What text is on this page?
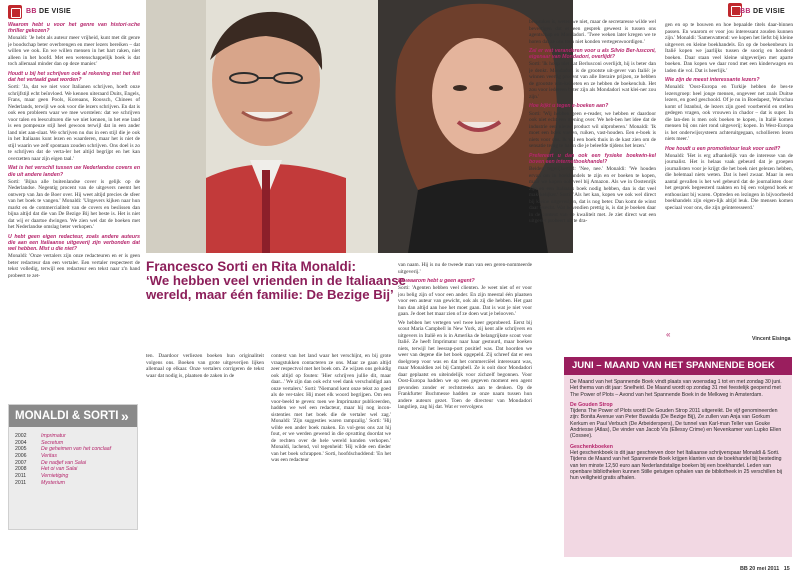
BB DE VISIE	BB DE VISIE

Waarom hebt u voor het genre van histori-sche thriller gekozen?

Monaldi: 'Je hebt als auteur meer vrijheid, kunt met dit genre je boodschap beter overbrengen en meer lezers bereiken – dat willen we ook. En we willen mensen in het hart raken, niet alleen in het hoofd. Met een wetenschappelijk boek is dat toch allemaal minder dan op deze manier.'

Houdt u bij het schrijven ook al rekening met het feit dat het vertaald gaat worden?

Sorti: 'Ja, dat we niet voor Italianen schrijven, hoeft onze schrijfstijl echt beïnvloed. We kennen uiteraard Duits, Engels, Frans, maar geen Pools, Koreaans, Roossch, Chinees of Nederlands, terwijl we ook voor die lezers schrijven. En dat is ook een probleem waar we mee worstelen: dat we schrijven voor talen en leesculturen die we niet kennen, in het ene land is een pompeuze stijl heel gewoon terwijl dat in een ander land niet aan-slaat. We schrijven nu dus in een stijl die je ook in het Italiaans kunt lezen en waarderen, maar het is niet de stijl waarin we zelf spontaan zouden schrijven. Ons doel is zo te schrijven dat de verta-ler het altijd begrijpt en het kan overzetten naar zijn eigen taal.'

Wat is het verschil tussen uw Nederlandse covers en die uit andere landen?

Sorti: 'Bijna alle buitenlandse cover is gelijk op de Nederlandse. Negentig procent van de uitgevers neemt het ontwerp van Jan de Boer over. Hij weet altijd precies de sfeer van het boek te vangen.' Monaldi: 'Uitgevers kijken naar hun markt en de commercialiteit van de covers en beslissen dan bijna altijd dat die van De Bezige Bij het beste is. Het is niet dat wij er daartoe dwingen. We zien wel dat de boeken met het Nederlandse omslag beter verkopen.'

U hebt geen eigen redacteur, zoals andere auteurs die aan een Italiaanse uitgeverij zijn verbonden dat wel hebben. Mist u die niet?

Monaldi: 'Onze vertalers zijn onze redacteuren en er is geen beter redacteur dan een vertaler. Een vertaler respecteert de tekst volledig, terwijl een redacteur een tekst naar z'n hand probeert te zet-

Francesco Sorti en Rita Monaldi:
‘We hebben veel vrienden in de Italiaanse wereld, maar één familie: De Bezige Bij’

ten. Daardoor verliezen boeken hun originaliteit volgens ons. Boeken van grote uitgeverijen lijken allemaal op elkaar. Onze vertalers corrigeren de tekst waar dat nodig is, plaatsen de zaken in de

context van het land waar het verschijnt, en bij grote vraagstukken contacteren ze ons. Maar ze gaan altijd zeer respectvol met het boek om. Ze wijzen ons geluidig ook altijd op fouten: 'Hier schrijven jullie dit, maar daar...' We zijn dan ook echt veel dank verschuldigd aan onze vertalers.' Sorti: 'Niemand kent onze tekst zo goed als de ver-taler. Hij moet elk woord begrijpen. Om een voor-beeld te geven: toen we Imprimatur publiceerden, hadden we wel een redacteur, maar hij nog incon-sistenties met het boek die de vertaler wel zag.' Monaldi: 'Zijn suggesties waren rampzalig.' Sorti: 'Hij wilde een ander boek maken. En vol-gens ons zat hij fout, er we werden gewend in die opvatting doordat we de rechten over de hele wereld konden verkopen.' Monaldi, lachend, vol tegenheid: 'Hij wilde een dieder van het boek schrappen.' Sorti, hoofdschuddend: 'En het was een redacteur

van naam. Hij is nu de tweede man van een geren-nommeerde uitgeverij.'

En waarom hebt u geen agent?

Sorti: 'Agenten hebben veel clienten. Je weet niet of er voor jou belig zijn of voor een ander. En zijn meestal één plaatsen voor een auteur van gewicht, ook als zij die hebben. Het gaat hun dan altijd aan hoe het moet gaan. Dat is wat je niet voor gaan. Je doet het maar zien of ze doen wat je belooven.'

We hebben het vertegen wel twee keer geprobeerd. Eerst bij scout Maria Campbell in New York, zij kent alle schrijvers en uitgevers in Italië en is in Amerika de belangrijkste scout voor Italië. Ze heeft Imprimatur naar haar gestuurd, maar boeken niets, terwijl het leesrap-port positief was. Dat hoorden we weer van degene die het boek opgepeld. Zij schreef dat er een doelgroep voor was en dat het commerciëel interessant was, maar Monaldien zei bij Campbell. Ze is ooit door Mondadori daar geplaatst en uiteindelijk voor zichzelf begonnen. Voor Oost-Europa hadden we op een gegeven moment een agent gevonden zonder er rechtstreeks aan te denken. Op de Frankfurter Buchmesse hadden ze onze naam tussen hun andere auteurs gezet. Toen de directeur van Mondadori langsliep, zag hij dat. Wat er vervolgens

besprokes is, weten we niet, maar de secretaresse wilde wel bevestigen dat er een gesprek geweest is tussen ons agentschap en Mondadori. 'Twee weken later kregen we te horen dat ze ons toch niet konden vertegenwoordigen.'

Zal er wat veranderen voor u als Silvio Ber-lusconi, eigenaar van Mondadori, overlijdt?

Sorti: 'Ik hoop niet dat Berlusconi overlijdt, hij is beter dan je denkt. Mondadori is de grootste uit-gever van Italië: je winnen veertig procent van alle literaire prijzen, ze hebben de grootste win-kelketen en ze hebben de boekenclub. Het zou voor iedereen beter zijn als Mondadori wat klei-ner zou zijn.'

Hoe kijkt u tegen e-boeken aan?

Sorti: 'Wij hebben geen e-reader, we hebben er daardoor ook niet echt een mening over. We heb-ben het idee dat de industrie een nieuw product wil uitproberen.' Monaldi: 'Ik moet een boek voelen, ruiken, vast-houden. Een e-boek is niets voor ons. Ik wil een boek thuis in de kast zien om de sensatie terug te halen die je beleefde tijdens het lezen.'

Prefereert u dan ook een fysieke boekwin-kel boven een internetboekhandel?

Beiden tegelijkertijd: 'Nee, nee.' Monaldi: 'We houden ervan om in boekhandels te zijn en er boeken te kopen, maar we kopen ook veel bij Amazon. Als we in Oostenrijk zijn en een Italiaans boek nodig hebben, dan is dat veel mak-kelijker.' Sorti: 'Als het kan, kopen we ook wel direct bij kleine uitgeverijen, dat is nog beter. Dan komt de winst daar terecht. Wat bovendien prettig is, is dat je boeken daar in de context van de kwaliteit met. Je ziet direct wat een uitgever probeert uit te dra-

gen en op te bouwen en hoe bepaalde titels daar-binnen passen. En waarom er voor jou interessant zouden kunnen zijn.' Monaldi: 'Samenvattend: we kopen het liefst bij kleine uitgevers en kleine boekhandels. En op de boekenbeurs in Italië kopen we jaarlijks tussen de soorig en honderd boeken. Daar staan veel kleine uitgeverijen met aparte boeken. Dan kopen we daar rond met een kinderwagen en laden die vol. Dat is heerlijk.'

Wie zijn de meest interessante lezers?

Monaldi: 'Oost-Europa en Turkije hebben de bes-te lezersgroep: heel jonge mensen, ongeveer net zoals Duitse lezers, en goed geschoold. Of je nu in Boedapest, Warschau komt of Istanbul, de lezers zijn goed voorbereid en stellen gedegen vragen, ook vrouwen in chador – dat is super. In die lan-den is men ook boeken te kopen, in Italië komen mensen bij ons niet rond uitgeverij; kopen. In West-Europa is het onderwijssysteem achteruitgegaan, schollieren lezen niets meer.'

Hoe houdt u een promotietour leuk voor uzelf?

Monaldi: 'Het is erg afhankelijk van de interesse van de journalist. Het is helaas vaak gebeurd dat je groepen journalisten voor je krijgt die het boek niet gelezen hebben, die helemaal niets weten. Dat is heel zwaar. Maar in een aantal gevallen is het wel gebeurd dat de journalisten door het gesprek begeesterd raakten en bij een volgend boek er enthousiast bij waren. Optreden en lezingen in bijvoorbeeld boekhandels zijn eigen-lijk altijd leuk. Die mensen komen speciaal voor ons, die zijn geïnteresseerd.'

«	Vincent Eisinga
MONALDI & SORTI »
2002	Imprimatur
2004	Secretum
2005	De geheimen van het conclaaf
2006	Veritas
2007	De nadjef van Salai
2008	Het oi van Salai
2011	Vernietiging
2011	Mysterium
JUNI – MAAND VAN HET SPANNENDE BOEK
De Maand van het Spannende Boek vindt plaats van woensdag 1 tot en met zondag 30 juni. Het thema van dit jaar: Snelheid. De Maand wordt op zondag 31 mei feestelijk geopend met The Power of Plots – Avond van het Spannende Boek in de Melkweg in Amsterdam.
De Gouden Strop
Tijdens The Power of Plots wordt De Gouden Strop 2011 uitgereikt. De vijf genomineerden zijn: Bonita Avenue van Peter Buwalda (De Bezige Bij), Ze zullen van Anja van Gorkum Kerkum en Paul Verbuch (De Arbeiderspers), De tunnel van Karl-man Teller van Gouke Andriesse (Atlas), De vinder van Jacob Vis (Ellessy Crime) en Nevenkamer van Lupko Ellen (Cossee).
Geschenkboeken
Het geschenkboek is dit jaar geschreven door het Italiaanse schrijverspaar Monaldi & Sorti. Tijdens de Maand van het Spannende Boek krijgen klanten van de boekhandel bij besteding van ten minste 12,50 euro aan Nederlandstalige boeken bij een boekhandel. Leden van openbare bibliotheken kunnen Stille getuigen ophalen van de bibliotheek in 25 verschillen bij hun veiligheid gratis afhalen.
BB 20 mei 2011 15
